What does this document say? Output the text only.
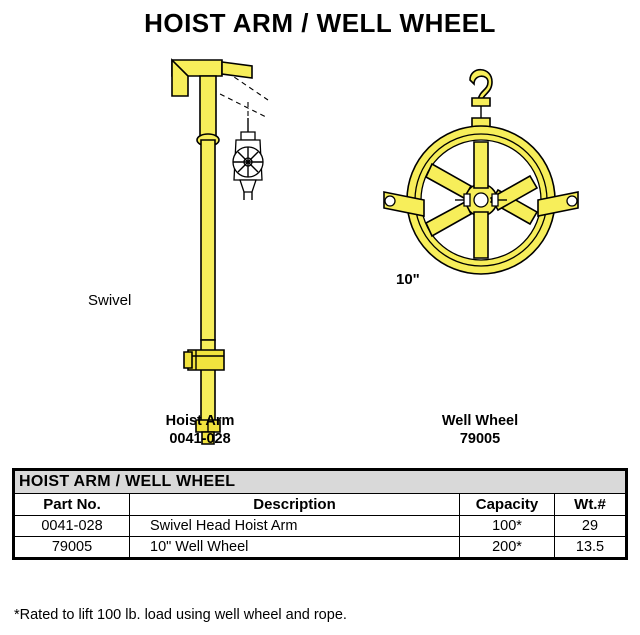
HOIST ARM / WELL WHEEL
Swivel
10"
Hoist Arm
0041-028
Well Wheel
79005
HOIST ARM / WELL WHEEL			
Part No.	Description	Capacity	Wt.#
0041-028	Swivel Head Hoist Arm	100*	29
79005	10" Well Wheel	200*	13.5
*Rated to lift 100 lb. load using well wheel and rope.
